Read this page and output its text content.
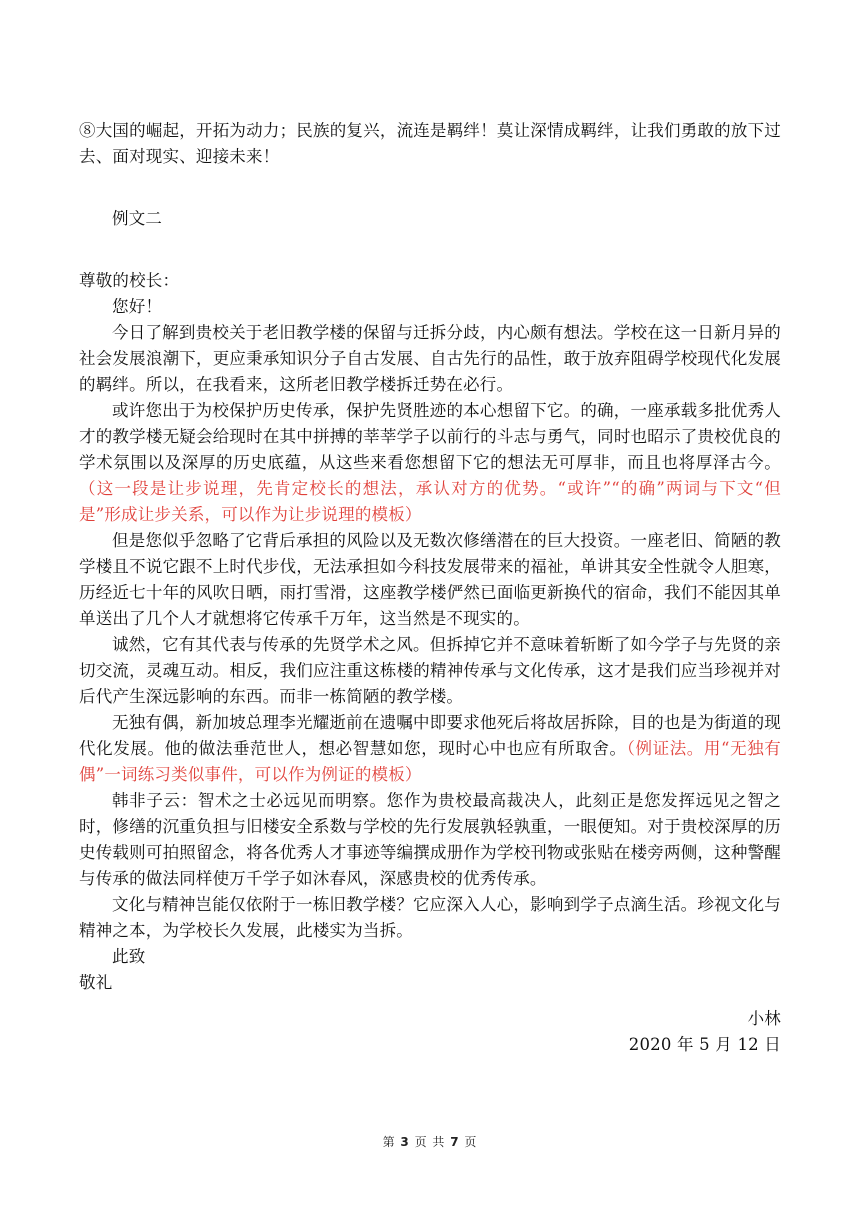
⑧大国的崛起，开拓为动力；民族的复兴，流连是羁绊！莫让深情成羁绊，让我们勇敢的放下过去、面对现实、迎接未来！

例文二

尊敬的校长：

您好！

今日了解到贵校关于老旧教学楼的保留与迁拆分歧，内心颇有想法。学校在这一日新月异的社会发展浪潮下，更应秉承知识分子自古发展、自古先行的品性，敢于放弃阻碍学校现代化发展的羁绊。所以，在我看来，这所老旧教学楼拆迁势在必行。

或许您出于为校保护历史传承，保护先贤胜迹的本心想留下它。的确，一座承载多批优秀人才的教学楼无疑会给现时在其中拼搏的莘莘学子以前行的斗志与勇气，同时也昭示了贵校优良的学术氛围以及深厚的历史底蕴，从这些来看您想留下它的想法无可厚非，而且也将厚泽古今。（这一段是让步说理，先肯定校长的想法，承认对方的优势。“或许”“的确”两词与下文“但是”形成让步关系，可以作为让步说理的模板）

但是您似乎忽略了它背后承担的风险以及无数次修缮潜在的巨大投资。一座老旧、简陋的教学楼且不说它跟不上时代步伐，无法承担如今科技发展带来的福祉，单讲其安全性就令人胆寒，历经近七十年的风吹日晒，雨打雪滑，这座教学楼俨然已面临更新换代的宿命，我们不能因其单单送出了几个人才就想将它传承千万年，这当然是不现实的。

诚然，它有其代表与传承的先贤学术之风。但拆掉它并不意味着斩断了如今学子与先贤的亲切交流，灵魂互动。相反，我们应注重这栋楼的精神传承与文化传承，这才是我们应当珍视并对后代产生深远影响的东西。而非一栋简陋的教学楼。

无独有偶，新加坡总理李光耀逝前在遗嘱中即要求他死后将故居拆除，目的也是为街道的现代化发展。他的做法垂范世人，想必智慧如您，现时心中也应有所取舍。（例证法。用“无独有偶”一词练习类似事件，可以作为例证的模板）

韩非子云：智术之士必远见而明察。您作为贵校最高裁决人，此刻正是您发挥远见之智之时，修缮的沉重负担与旧楼安全系数与学校的先行发展孰轻孰重，一眼便知。对于贵校深厚的历史传载则可拍照留念，将各优秀人才事迹等编撰成册作为学校刊物或张贴在楼旁两侧，这种警醒与传承的做法同样使万千学子如沐春风，深感贵校的优秀传承。

文化与精神岂能仅依附于一栋旧教学楼？它应深入人心，影响到学子点滴生活。珍视文化与精神之本，为学校长久发展，此楼实为当拆。

此致

敬礼

小林

2020 年 5 月 12 日

第 3 页 共 7 页
